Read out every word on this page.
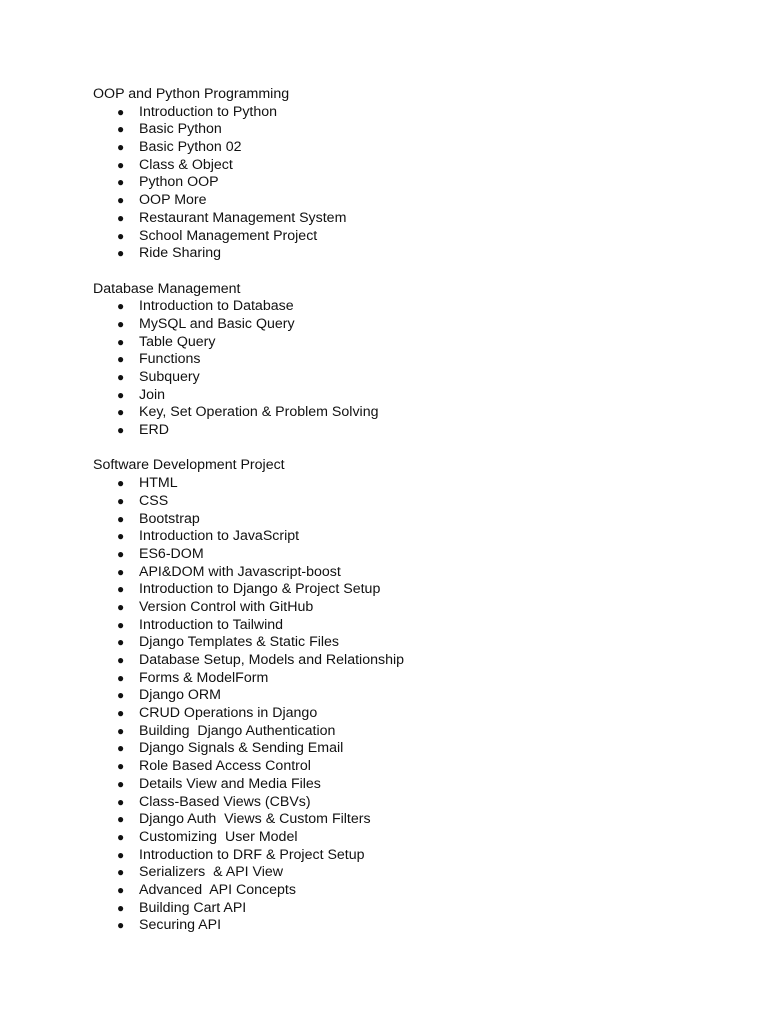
OOP and Python Programming
● Introduction to Python
● Basic Python
● Basic Python 02
● Class & Object
● Python OOP
● OOP More
● Restaurant Management System
● School Management Project
● Ride Sharing
Database Management
● Introduction to Database
● MySQL and Basic Query
● Table Query
● Functions
● Subquery
● Join
● Key, Set Operation & Problem Solving
● ERD
Software Development Project
● HTML
● CSS
● Bootstrap
● Introduction to JavaScript
● ES6-DOM
● API&DOM with Javascript-boost
● Introduction to Django & Project Setup
● Version Control with GitHub
● Introduction to Tailwind
● Django Templates & Static Files
● Database Setup, Models and Relationship
● Forms & ModelForm
● Django ORM
● CRUD Operations in Django
● Building  Django Authentication
● Django Signals & Sending Email
● Role Based Access Control
● Details View and Media Files
● Class-Based Views (CBVs)
● Django Auth  Views & Custom Filters
● Customizing  User Model
● Introduction to DRF & Project Setup
● Serializers  & API View
● Advanced  API Concepts
● Building Cart API
● Securing API
